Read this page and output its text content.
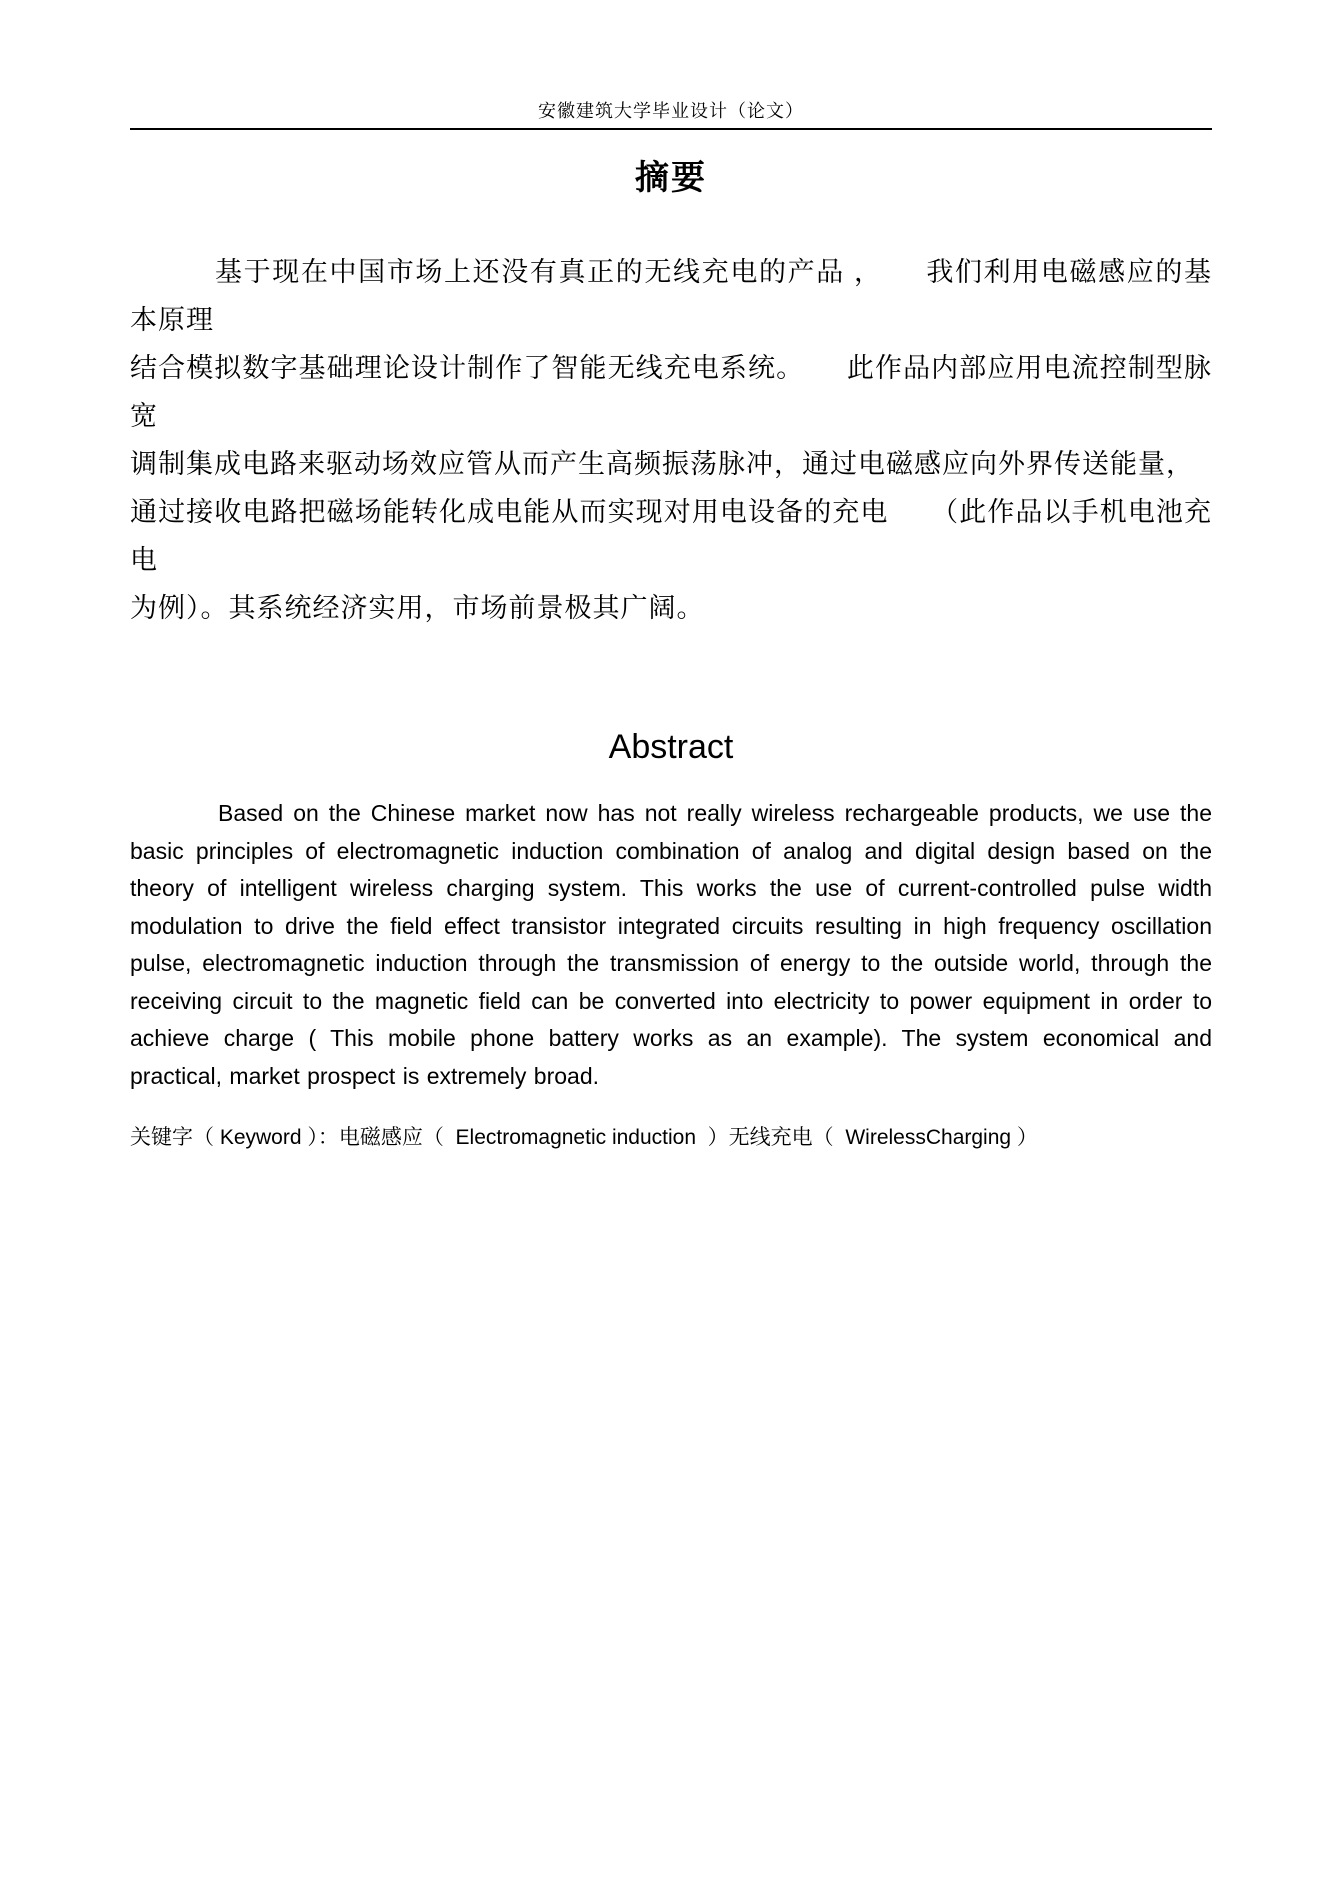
安徽建筑大学毕业设计（论文）
摘要
基于现在中国市场上还没有真正的无线充电的产品 ，　　我们利用电磁感应的基本原理
结合模拟数字基础理论设计制作了智能无线充电系统。　　此作品内部应用电流控制型脉宽
调制集成电路来驱动场效应管从而产生高频振荡脉冲，通过电磁感应向外界传送能量，
通过接收电路把磁场能转化成电能从而实现对用电设备的充电　　（此作品以手机电池充电
为例）。其系统经济实用，市场前景极其广阔。
Abstract

Based on the Chinese market now has not really wireless rechargeable products, we use the basic principles of electromagnetic induction combination of analog and digital design based on the theory of intelligent wireless charging system. This works the use of current-controlled pulse width modulation to drive the field effect transistor integrated circuits resulting in high frequency oscillation pulse, electromagnetic induction through the transmission of energy to the outside world, through the receiving circuit to the magnetic field can be converted into electricity to power equipment in order to achieve charge ( This mobile phone battery works as an example). The system economical and practical, market prospect is extremely broad.

关键字（ Keyword ）：电磁感应（  Electromagnetic induction  ）无线充电（  WirelessCharging ）
